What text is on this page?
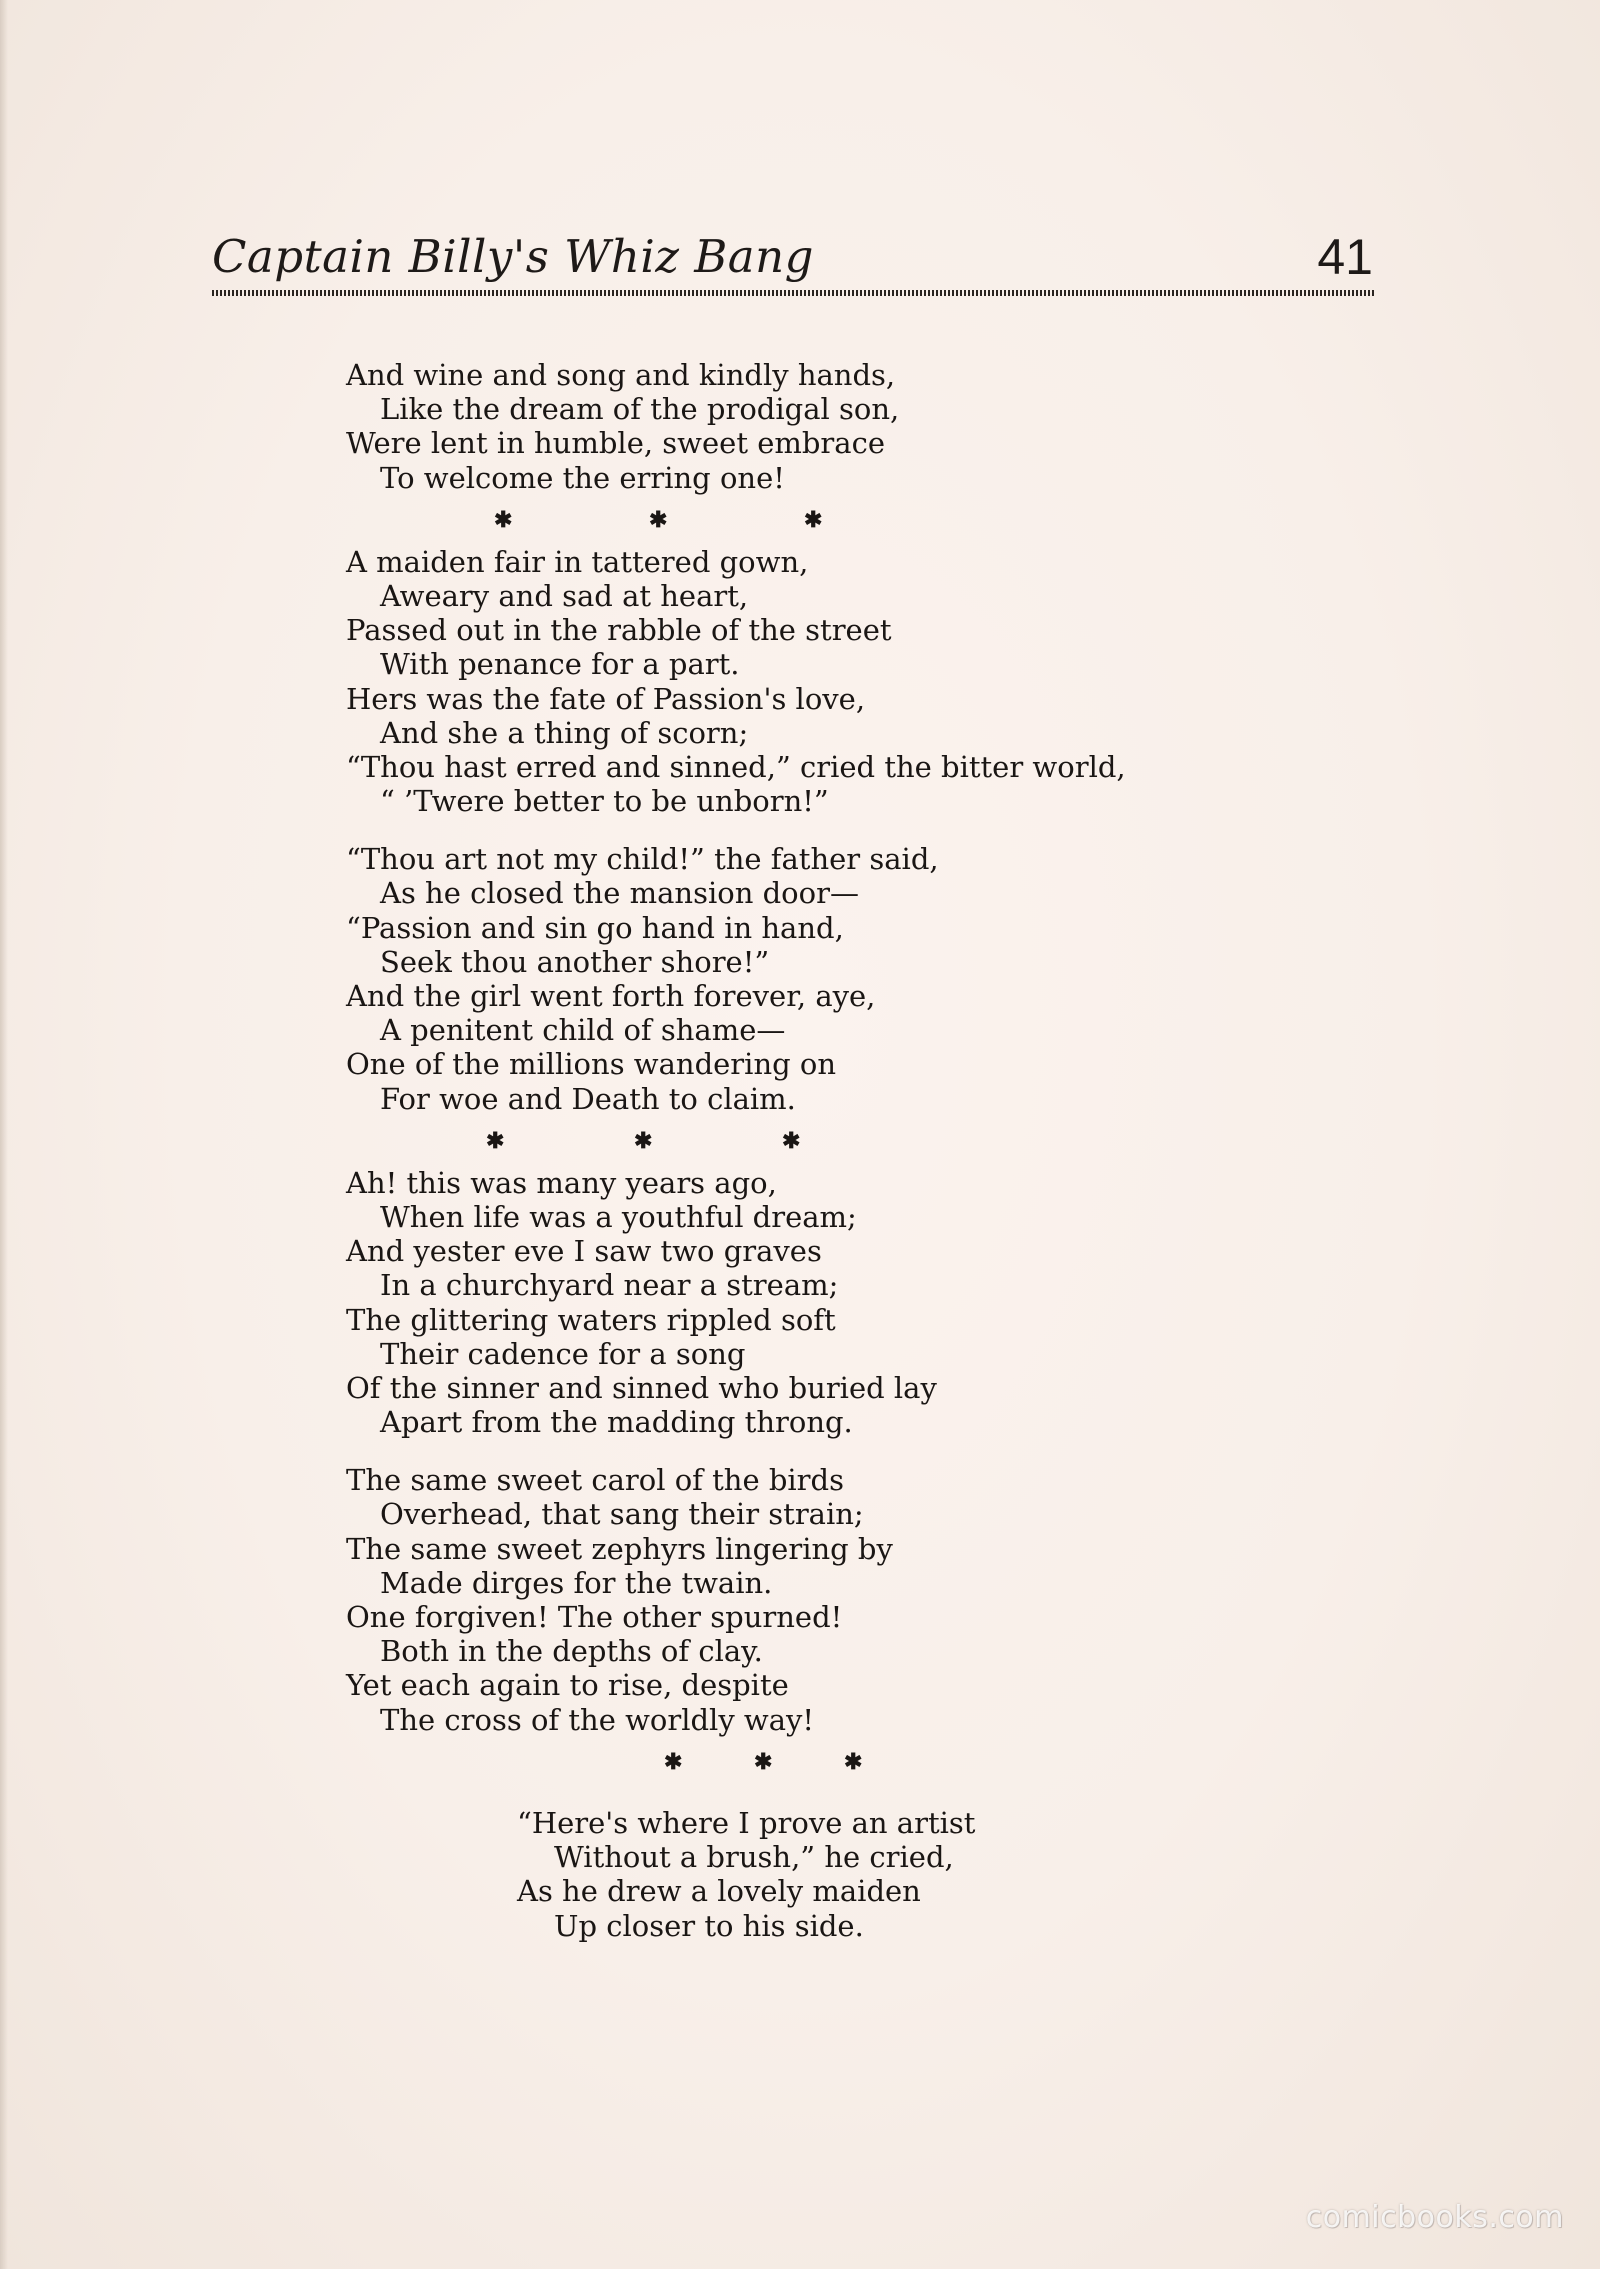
Captain Billy's Whiz Bang	41
And wine and song and kindly hands,
Like the dream of the prodigal son,
Were lent in humble, sweet embrace
To welcome the erring one!
✱	✱	✱
A maiden fair in tattered gown,
Aweary and sad at heart,
Passed out in the rabble of the street
With penance for a part.
Hers was the fate of Passion's love,
And she a thing of scorn;
“Thou hast erred and sinned,” cried the bitter world,
“ ’Twere better to be unborn!”
“Thou art not my child!” the father said,
As he closed the mansion door—
“Passion and sin go hand in hand,
Seek thou another shore!”
And the girl went forth forever, aye,
A penitent child of shame—
One of the millions wandering on
For woe and Death to claim.
✱	✱	✱
Ah! this was many years ago,
When life was a youthful dream;
And yester eve I saw two graves
In a churchyard near a stream;
The glittering waters rippled soft
Their cadence for a song
Of the sinner and sinned who buried lay
Apart from the madding throng.
The same sweet carol of the birds
Overhead, that sang their strain;
The same sweet zephyrs lingering by
Made dirges for the twain.
One forgiven! The other spurned!
Both in the depths of clay.
Yet each again to rise, despite
The cross of the worldly way!
✱	✱	✱
“Here's where I prove an artist
Without a brush,” he cried,
As he drew a lovely maiden
Up closer to his side.
comicbooks.com
